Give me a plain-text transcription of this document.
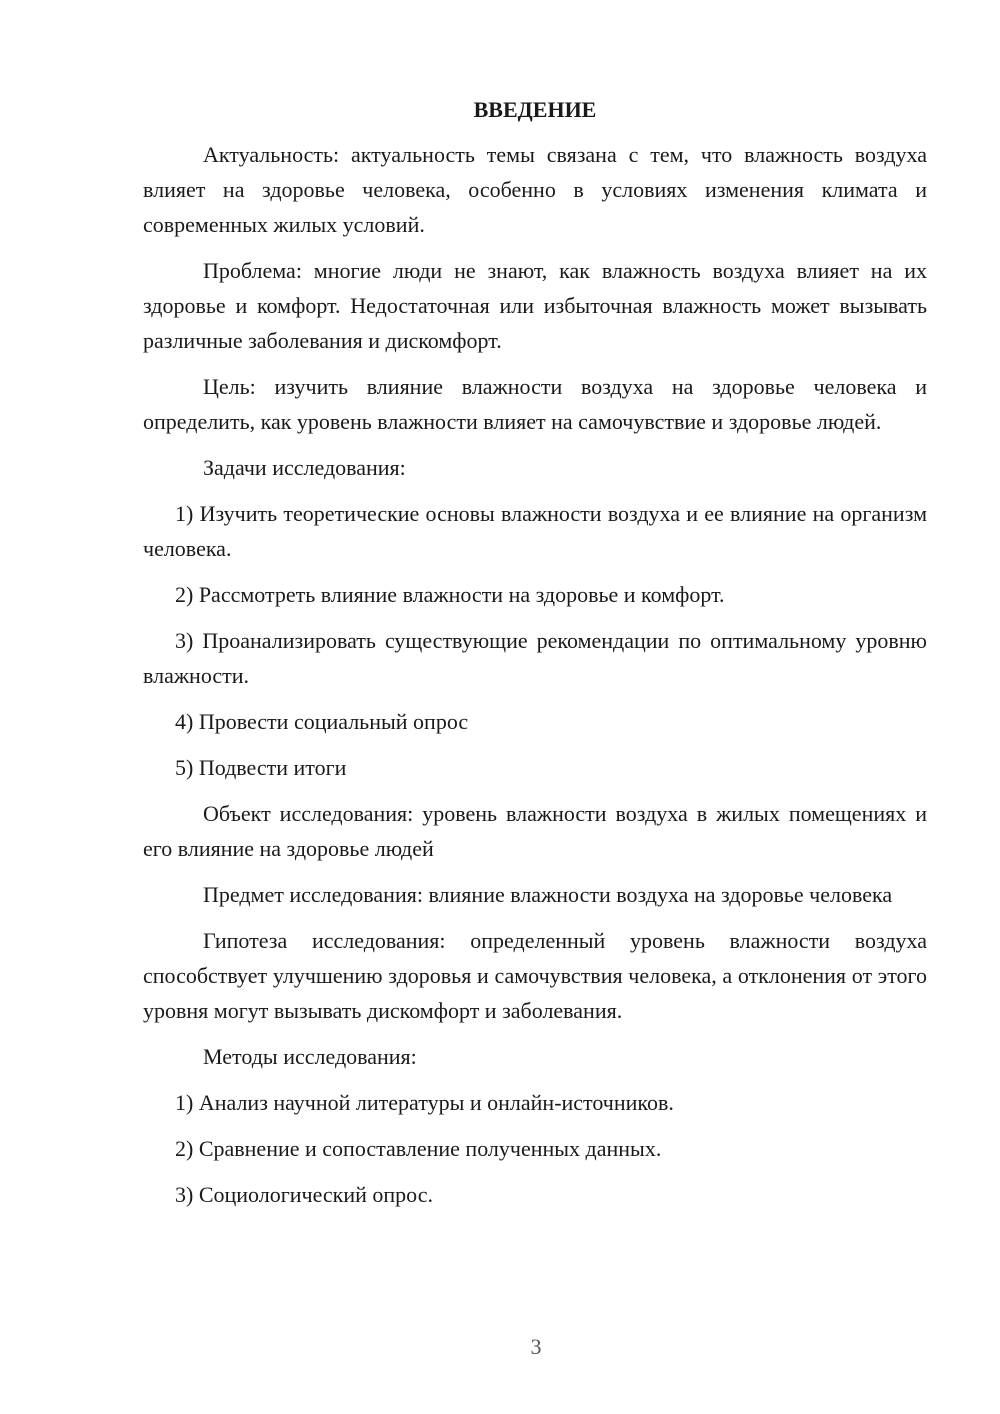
ВВЕДЕНИЕ
Актуальность: актуальность темы связана с тем, что влажность воздуха влияет на здоровье человека, особенно в условиях изменения климата и современных жилых условий.
Проблема: многие люди не знают, как влажность воздуха влияет на их здоровье и комфорт. Недостаточная или избыточная влажность может вызывать различные заболевания и дискомфорт.
Цель: изучить влияние влажности воздуха на здоровье человека и определить, как уровень влажности влияет на самочувствие и здоровье людей.
Задачи исследования:
1) Изучить теоретические основы влажности воздуха и ее влияние на организм человека.
2) Рассмотреть влияние влажности на здоровье и комфорт.
3) Проанализировать существующие рекомендации по оптимальному уровню влажности.
4) Провести социальный опрос
5) Подвести итоги
Объект исследования: уровень влажности воздуха в жилых помещениях и его влияние на здоровье людей
Предмет исследования: влияние влажности воздуха на здоровье человека
Гипотеза исследования: определенный уровень влажности воздуха способствует улучшению здоровья и самочувствия человека, а отклонения от этого уровня могут вызывать дискомфорт и заболевания.
Методы исследования:
1) Анализ научной литературы и онлайн-источников.
2) Сравнение и сопоставление полученных данных.
3) Социологический опрос.
3
